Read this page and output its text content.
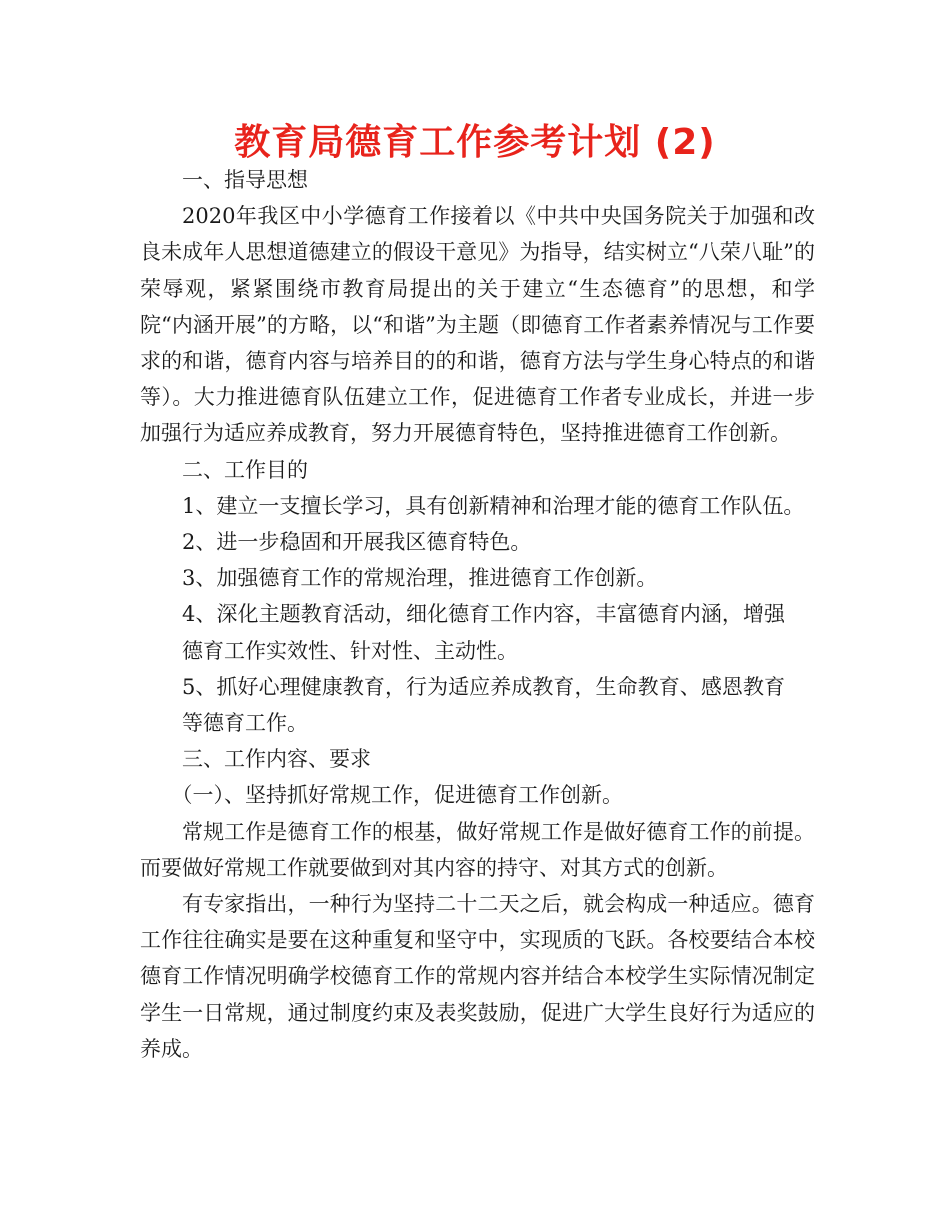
教育局德育工作参考计划 (2)

一、指导思想

2020年我区中小学德育工作接着以《中共中央国务院关于加强和改良未成年人思想道德建立的假设干意见》为指导，结实树立“八荣八耻”的荣辱观，紧紧围绕市教育局提出的关于建立“生态德育”的思想，和学院“内涵开展”的方略，以“和谐”为主题（即德育工作者素养情况与工作要求的和谐，德育内容与培养目的的和谐，德育方法与学生身心特点的和谐等）。大力推进德育队伍建立工作，促进德育工作者专业成长，并进一步加强行为适应养成教育，努力开展德育特色，坚持推进德育工作创新。

二、工作目的

1、建立一支擅长学习，具有创新精神和治理才能的德育工作队伍。

2、进一步稳固和开展我区德育特色。

3、加强德育工作的常规治理，推进德育工作创新。

4、深化主题教育活动，细化德育工作内容，丰富德育内涵，增强德育工作实效性、针对性、主动性。

5、抓好心理健康教育，行为适应养成教育，生命教育、感恩教育等德育工作。

三、工作内容、要求

（一）、坚持抓好常规工作，促进德育工作创新。

常规工作是德育工作的根基，做好常规工作是做好德育工作的前提。而要做好常规工作就要做到对其内容的持守、对其方式的创新。

有专家指出，一种行为坚持二十二天之后，就会构成一种适应。德育工作往往确实是要在这种重复和坚守中，实现质的飞跃。各校要结合本校德育工作情况明确学校德育工作的常规内容并结合本校学生实际情况制定学生一日常规，通过制度约束及表奖鼓励，促进广大学生良好行为适应的养成。
